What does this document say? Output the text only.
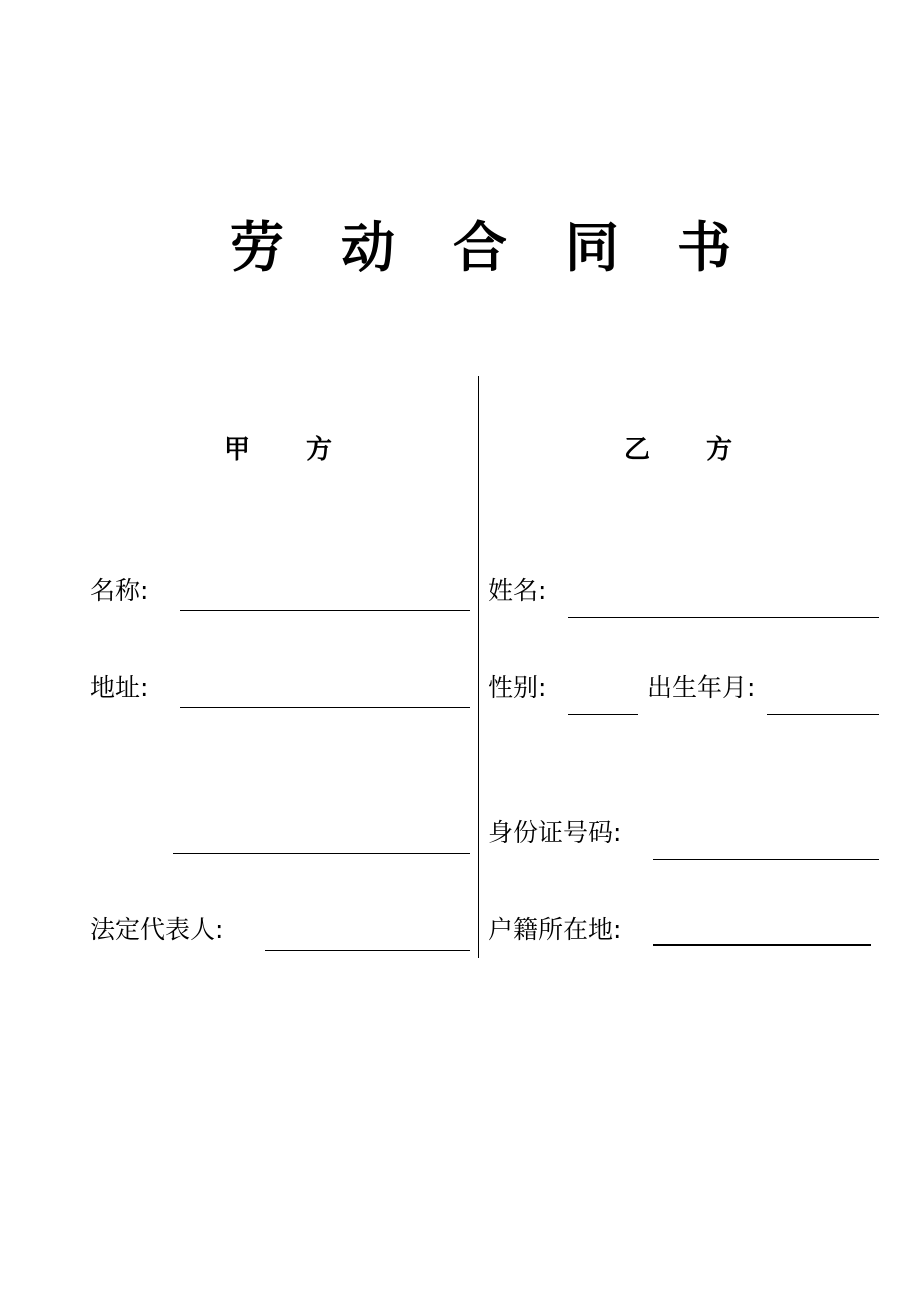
劳 动 合 同 书
甲 方	乙 方
名称:
地址:
法定代表人:
姓名:
性别:	出生年月:
身份证号码:
户籍所在地:
